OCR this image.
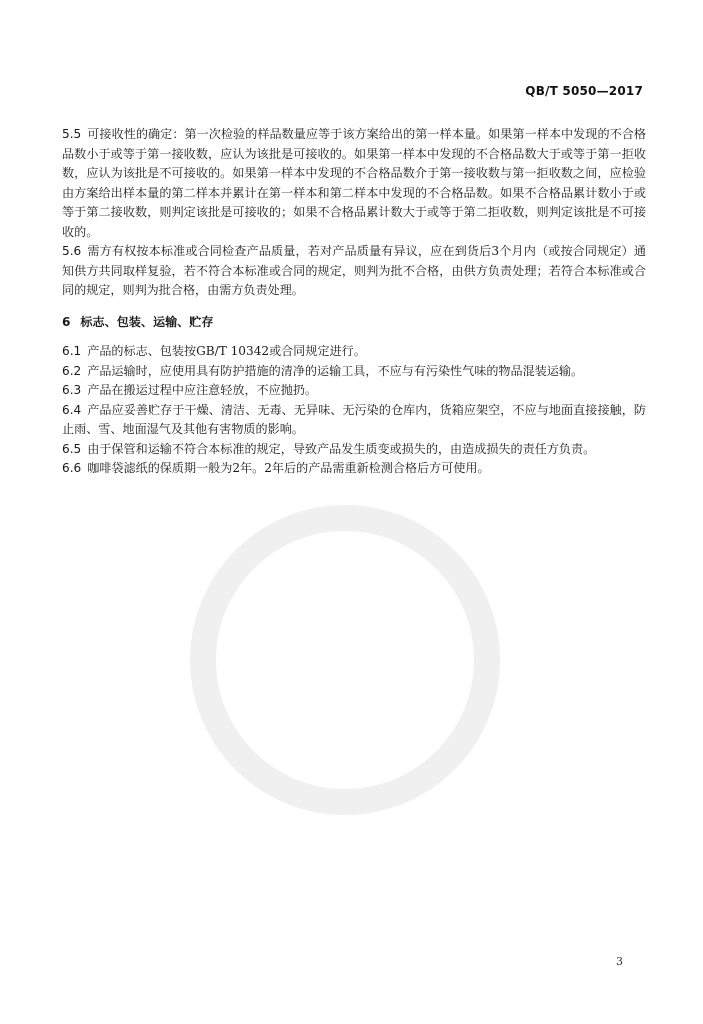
QB/T 5050—2017

5.5 可接收性的确定：第一次检验的样品数量应等于该方案给出的第一样本量。如果第一样本中发现的不合格品数小于或等于第一接收数，应认为该批是可接收的。如果第一样本中发现的不合格品数大于或等于第一拒收数，应认为该批是不可接收的。如果第一样本中发现的不合格品数介于第一接收数与第一拒收数之间，应检验由方案给出样本量的第二样本并累计在第一样本和第二样本中发现的不合格品数。如果不合格品累计数小于或等于第二接收数，则判定该批是可接收的；如果不合格品累计数大于或等于第二拒收数，则判定该批是不可接收的。

5.6 需方有权按本标准或合同检查产品质量，若对产品质量有异议，应在到货后3个月内（或按合同规定）通知供方共同取样复验，若不符合本标准或合同的规定，则判为批不合格，由供方负责处理；若符合本标准或合同的规定，则判为批合格，由需方负责处理。

6 标志、包装、运输、贮存

6.1 产品的标志、包装按GB/T 10342或合同规定进行。

6.2 产品运输时，应使用具有防护措施的清净的运输工具，不应与有污染性气味的物品混装运输。

6.3 产品在搬运过程中应注意轻放，不应抛扔。

6.4 产品应妥善贮存于干燥、清洁、无毒、无异味、无污染的仓库内，货箱应架空，不应与地面直接接触，防止雨、雪、地面湿气及其他有害物质的影响。

6.5 由于保管和运输不符合本标准的规定，导致产品发生质变或损失的，由造成损失的责任方负责。

6.6 咖啡袋滤纸的保质期一般为2年。2年后的产品需重新检测合格后方可使用。

3
